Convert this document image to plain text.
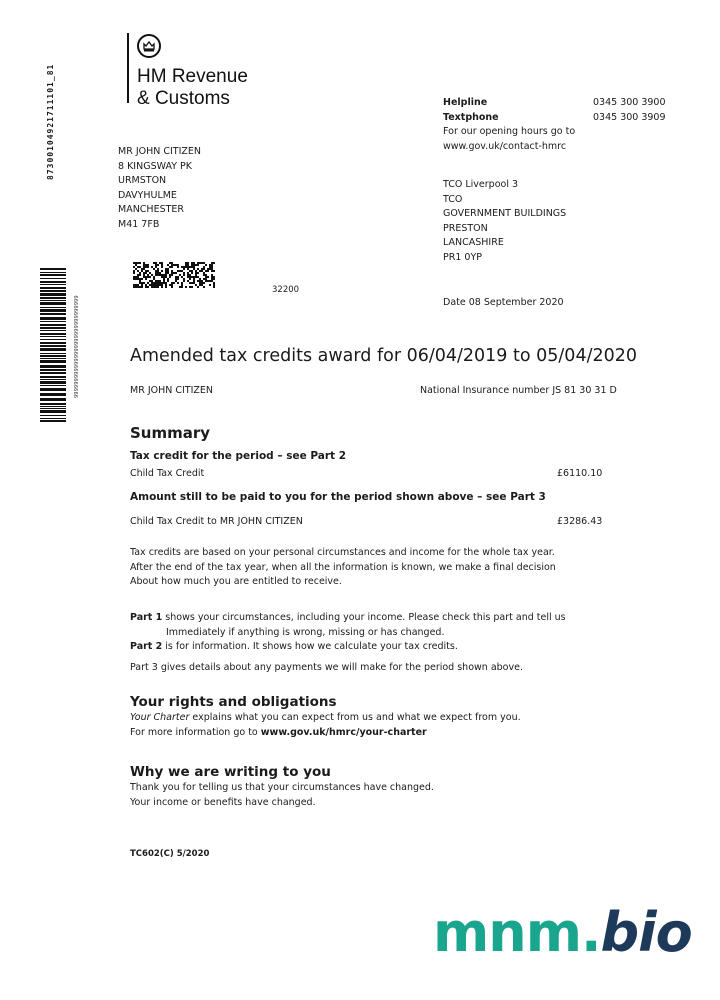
87300104921711101_81
9999999999999999999999999999999
HM Revenue
& Customs	Helpline	0345 300 3900
Textphone	0345 300 3909
For our opening hours go to
www.gov.uk/contact-hmrc
MR JOHN CITIZEN
8 KINGSWAY PK
URMSTON
DAVYHULME
MANCHESTER
M41 7FB
TCO Liverpool 3
TCO
GOVERNMENT BUILDINGS
PRESTON
LANCASHIRE
PR1 0YP
32200
Date 08 September 2020
Amended tax credits award for 06/04/2019 to 05/04/2020
MR JOHN CITIZEN	National Insurance number JS 81 30 31 D
Summary
Tax credit for the period – see Part 2
Child Tax Credit	£6110.10
Amount still to be paid to you for the period shown above – see Part 3
Child Tax Credit to MR JOHN CITIZEN	£3286.43
Tax credits are based on your personal circumstances and income for the whole tax year.
After the end of the tax year, when all the information is known, we make a final decision
About how much you are entitled to receive.
Part 1 shows your circumstances, including your income. Please check this part and tell us
Immediately if anything is wrong, missing or has changed.
Part 2 is for information. It shows how we calculate your tax credits.
Part 3 gives details about any payments we will make for the period shown above.
Your rights and obligations
Your Charter explains what you can expect from us and what we expect from you.
For more information go to www.gov.uk/hmrc/your-charter
Why we are writing to you
Thank you for telling us that your circumstances have changed.
Your income or benefits have changed.
TC602(C) 5/2020
mnm.bio
